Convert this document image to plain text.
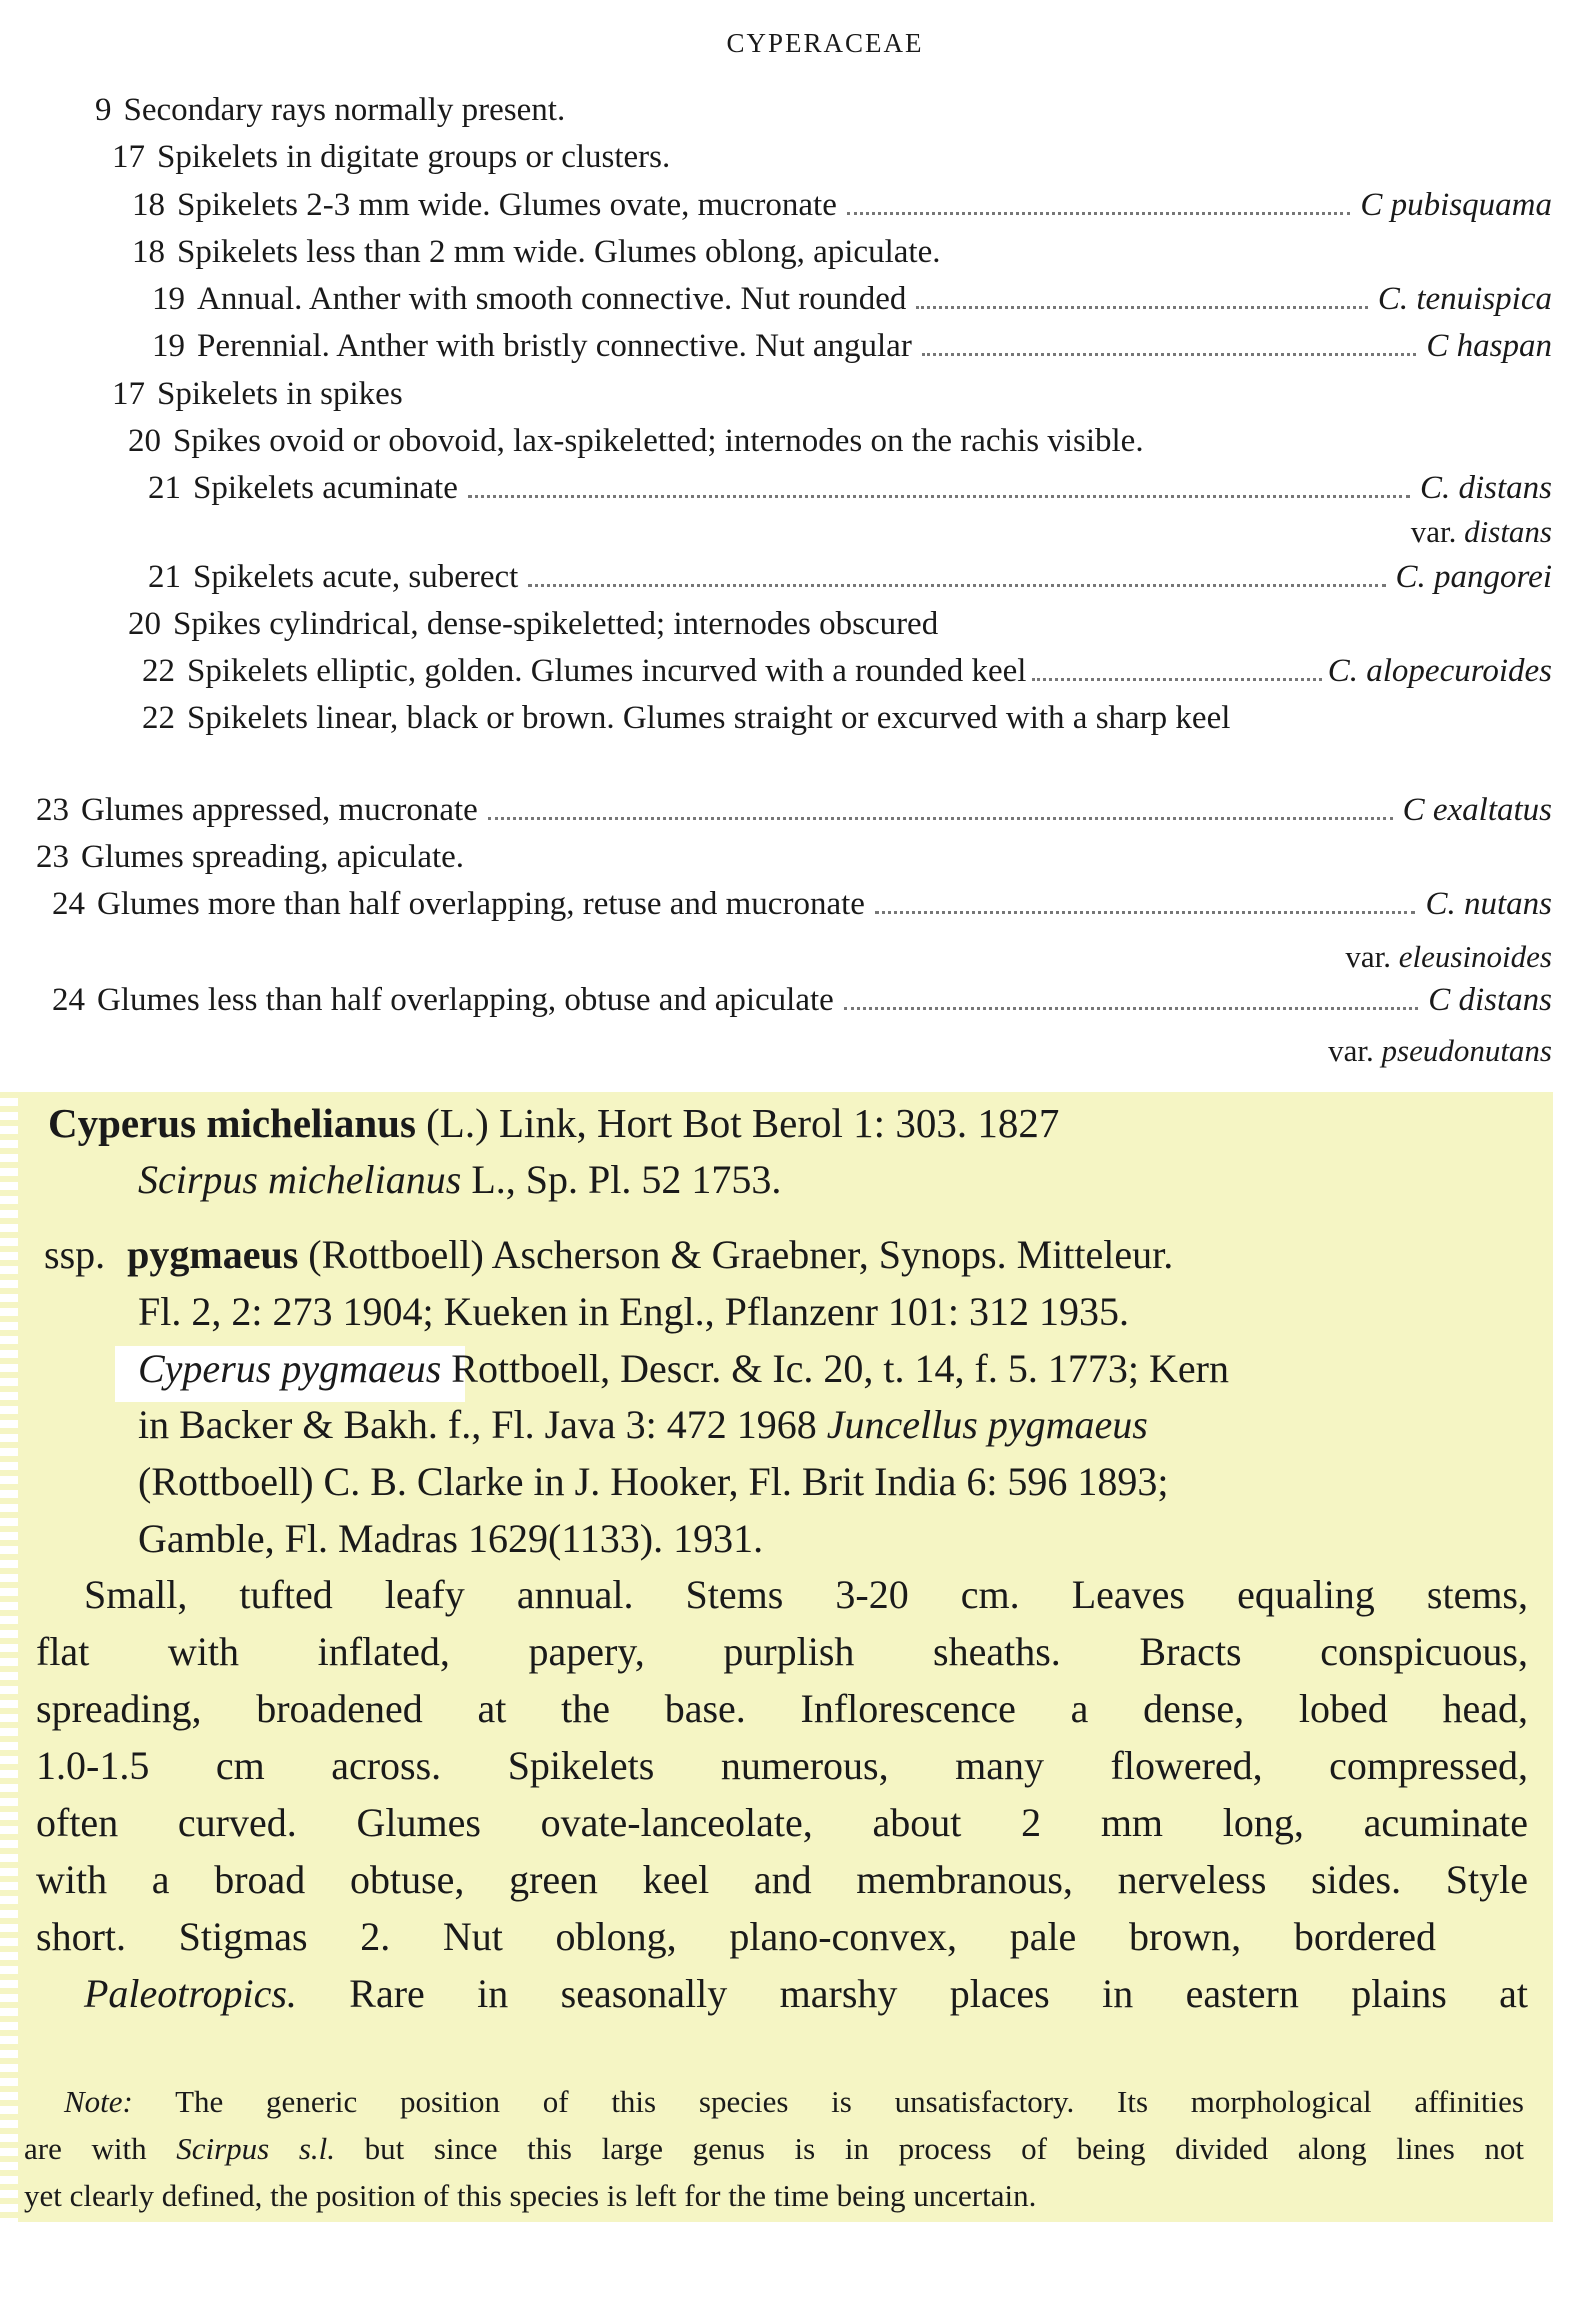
CYPERACEAE
9 Secondary rays normally present.
17 Spikelets in digitate groups or clusters.
18 Spikelets 2-3 mm wide. Glumes ovate, mucronate	C pubisquama
18 Spikelets less than 2 mm wide. Glumes oblong, apiculate.
19 Annual. Anther with smooth connective. Nut rounded	C. tenuispica
19 Perennial. Anther with bristly connective. Nut angular	C haspan
17 Spikelets in spikes
20 Spikes ovoid or obovoid, lax-spikeletted; internodes on the rachis visible.
21 Spikelets acuminate	C. distans
var. distans
21 Spikelets acute, suberect	C. pangorei
20 Spikes cylindrical, dense-spikeletted; internodes obscured
22 Spikelets elliptic, golden. Glumes incurved with a rounded keel	C. alopecuroides
22 Spikelets linear, black or brown. Glumes straight or excurved with a sharp keel
23 Glumes appressed, mucronate	C exaltatus
23 Glumes spreading, apiculate.
24 Glumes more than half overlapping, retuse and mucronate	C. nutans
var. eleusinoides
24 Glumes less than half overlapping, obtuse and apiculate	C distans
var. pseudonutans
Cyperus michelianus (L.) Link, Hort Bot Berol 1: 303. 1827
Scirpus michelianus L., Sp. Pl. 52 1753.
ssp. pygmaeus (Rottboell) Ascherson & Graebner, Synops. Mitteleur.
Fl. 2, 2: 273 1904; Kueken in Engl., Pflanzenr 101: 312 1935.
Cyperus pygmaeus Rottboell, Descr. & Ic. 20, t. 14, f. 5. 1773; Kern
in Backer & Bakh. f., Fl. Java 3: 472 1968 Juncellus pygmaeus
(Rottboell) C. B. Clarke in J. Hooker, Fl. Brit India 6: 596 1893;
Gamble, Fl. Madras 1629(1133). 1931.
Small, tufted leafy annual. Stems 3-20 cm. Leaves equaling stems,
flat with inflated, papery, purplish sheaths. Bracts conspicuous,
spreading, broadened at the base. Inflorescence a dense, lobed head,
1.0-1.5 cm across. Spikelets numerous, many flowered, compressed,
often curved. Glumes ovate-lanceolate, about 2 mm long, acuminate
with a broad obtuse, green keel and membranous, nerveless sides. Style
short. Stigmas 2. Nut oblong, plano-convex, pale brown, bordered
Paleotropics. Rare in seasonally marshy places in eastern plains at
Note: The generic position of this species is unsatisfactory. Its morphological affinities
are with Scirpus s.l. but since this large genus is in process of being divided along lines not
yet clearly defined, the position of this species is left for the time being uncertain.
